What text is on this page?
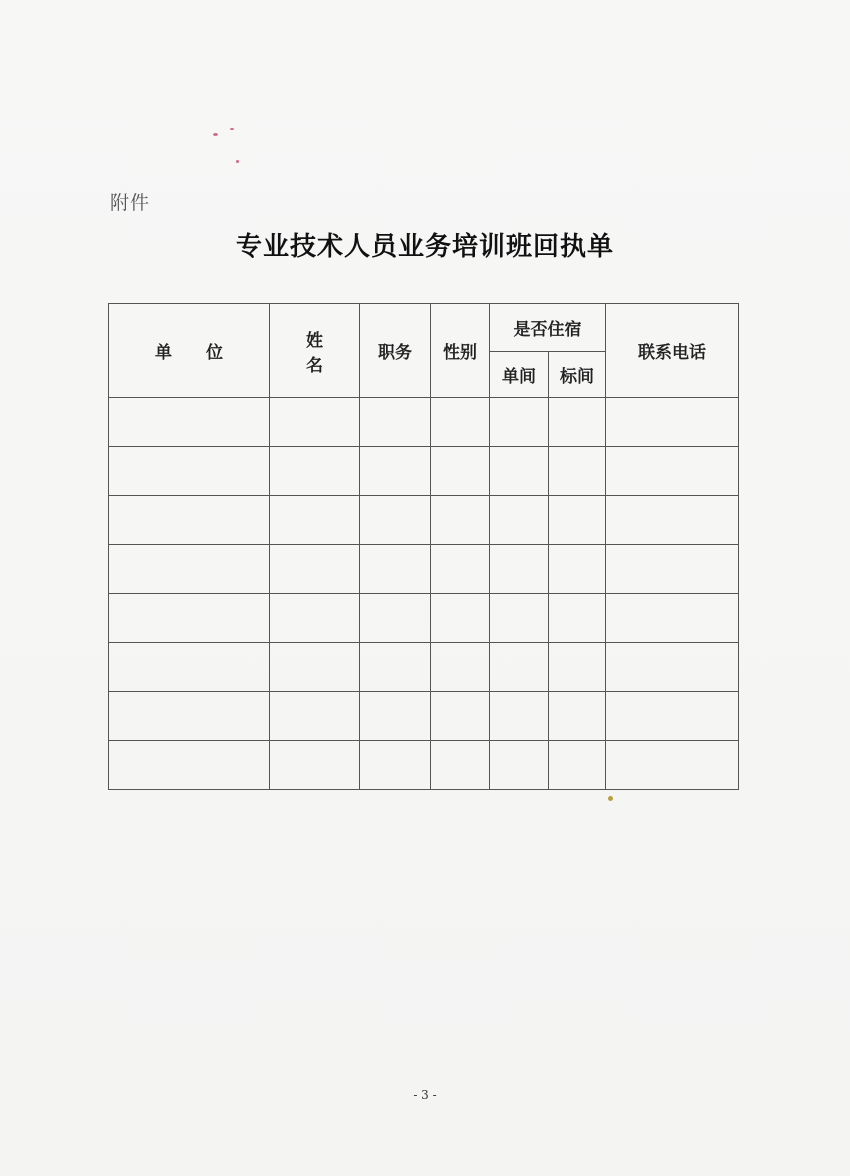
附件
专业技术人员业务培训班回执单
单 位	姓 名	职务	性别	是否住宿		联系电话
				单间	标间	

- 3 -
